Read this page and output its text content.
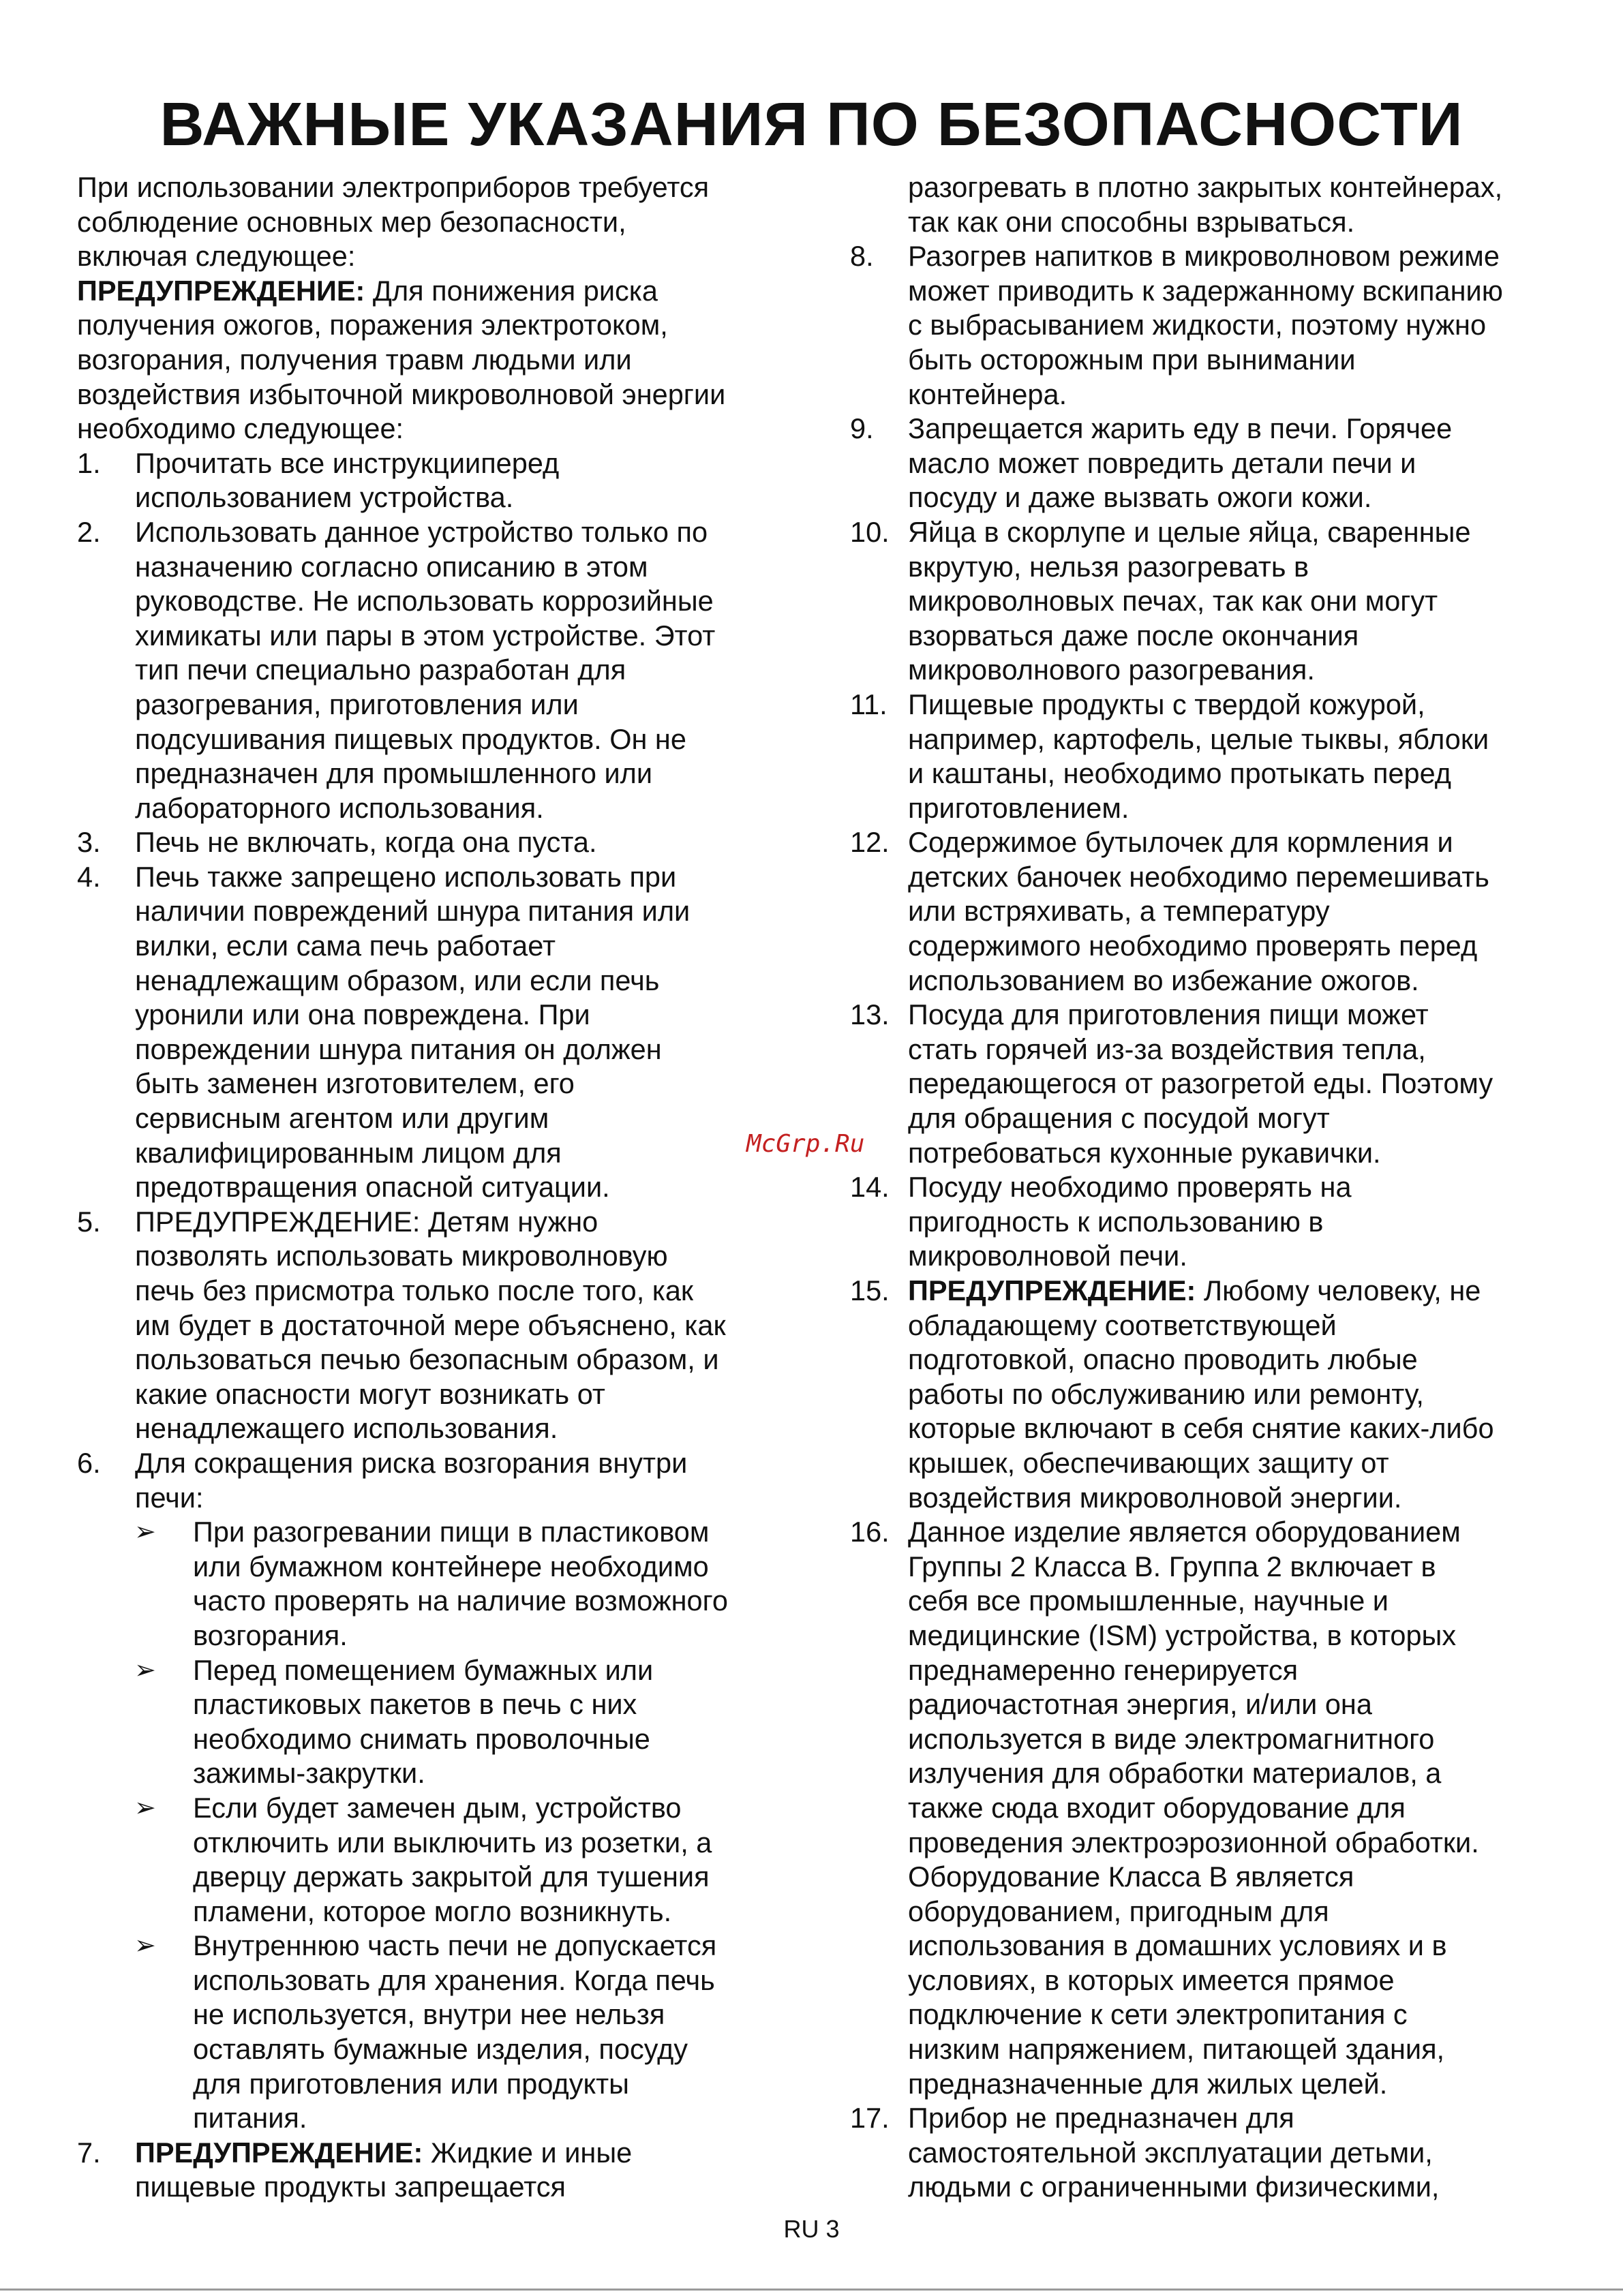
ВАЖНЫЕ УКАЗАНИЯ ПО БЕЗОПАСНОСТИ

При использовании электроприборов требуется

соблюдение основных мер безопасности,

включая следующее:

ПРЕДУПРЕЖДЕНИЕ: Для понижения риска

получения ожогов, поражения электротоком,

возгорания, получения травм людьми или

воздействия избыточной микроволновой энергии

необходимо следующее:

1. Прочитать все инструкцииперед

использованием устройства.

2. Использовать данное устройство только по

назначению согласно описанию в этом

руководстве. Не использовать коррозийные

химикаты или пары в этом устройстве. Этот

тип печи специально разработан для

разогревания, приготовления или

подсушивания пищевых продуктов. Он не

предназначен для промышленного или

лабораторного использования.

3. Печь не включать, когда она пуста.

4. Печь также запрещено использовать при

наличии повреждений шнура питания или

вилки, если сама печь работает

ненадлежащим образом, или если печь

уронили или она повреждена. При

повреждении шнура питания он должен

быть заменен изготовителем, его

сервисным агентом или другим

квалифицированным лицом для

предотвращения опасной ситуации.

5. ПРЕДУПРЕЖДЕНИЕ: Детям нужно

позволять использовать микроволновую

печь без присмотра только после того, как

им будет в достаточной мере объяснено, как

пользоваться печью безопасным образом, и

какие опасности могут возникать от

ненадлежащего использования.

6. Для сокращения риска возгорания внутри

печи:

➢ При разогревании пищи в пластиковом

или бумажном контейнере необходимо

часто проверять на наличие возможного

возгорания.

➢ Перед помещением бумажных или

пластиковых пакетов в печь с них

необходимо снимать проволочные

зажимы-закрутки.

➢ Если будет замечен дым, устройство

отключить или выключить из розетки, а

дверцу держать закрытой для тушения

пламени, которое могло возникнуть.

➢ Внутреннюю часть печи не допускается

использовать для хранения. Когда печь

не используется, внутри нее нельзя

оставлять бумажные изделия, посуду

для приготовления или продукты

питания.

7. ПРЕДУПРЕЖДЕНИЕ: Жидкие и иные

пищевые продукты запрещается

разогревать в плотно закрытых контейнерах,

так как они способны взрываться.

8. Разогрев напитков в микроволновом режиме

может приводить к задержанному вскипанию

с выбрасыванием жидкости, поэтому нужно

быть осторожным при вынимании

контейнера.

9. Запрещается жарить еду в печи. Горячее

масло может повредить детали печи и

посуду и даже вызвать ожоги кожи.

10. Яйца в скорлупе и целые яйца, сваренные

вкрутую, нельзя разогревать в

микроволновых печах, так как они могут

взорваться даже после окончания

микроволнового разогревания.

11. Пищевые продукты с твердой кожурой,

например, картофель, целые тыквы, яблоки

и каштаны, необходимо протыкать перед

приготовлением.

12. Содержимое бутылочек для кормления и

детских баночек необходимо перемешивать

или встряхивать, а температуру

содержимого необходимо проверять перед

использованием во избежание ожогов.

13. Посуда для приготовления пищи может

стать горячей из-за воздействия тепла,

передающегося от разогретой еды. Поэтому

для обращения с посудой могут

потребоваться кухонные рукавички.

14. Посуду необходимо проверять на

пригодность к использованию в

микроволновой печи.

15. ПРЕДУПРЕЖДЕНИЕ: Любому человеку, не

обладающему соответствующей

подготовкой, опасно проводить любые

работы по обслуживанию или ремонту,

которые включают в себя снятие каких-либо

крышек, обеспечивающих защиту от

воздействия микроволновой энергии.

16. Данное изделие является оборудованием

Группы 2 Класса B. Группа 2 включает в

себя все промышленные, научные и

медицинские (ISM) устройства, в которых

преднамеренно генерируется

радиочастотная энергия, и/или она

используется в виде электромагнитного

излучения для обработки материалов, а

также сюда входит оборудование для

проведения электроэрозионной обработки.

Оборудование Класса B является

оборудованием, пригодным для

использования в домашних условиях и в

условиях, в которых имеется прямое

подключение к сети электропитания с

низким напряжением, питающей здания,

предназначенные для жилых целей.

17. Прибор не предназначен для

самостоятельной эксплуатации детьми,

людьми с ограниченными физическими,

McGrp.Ru
RU 3
